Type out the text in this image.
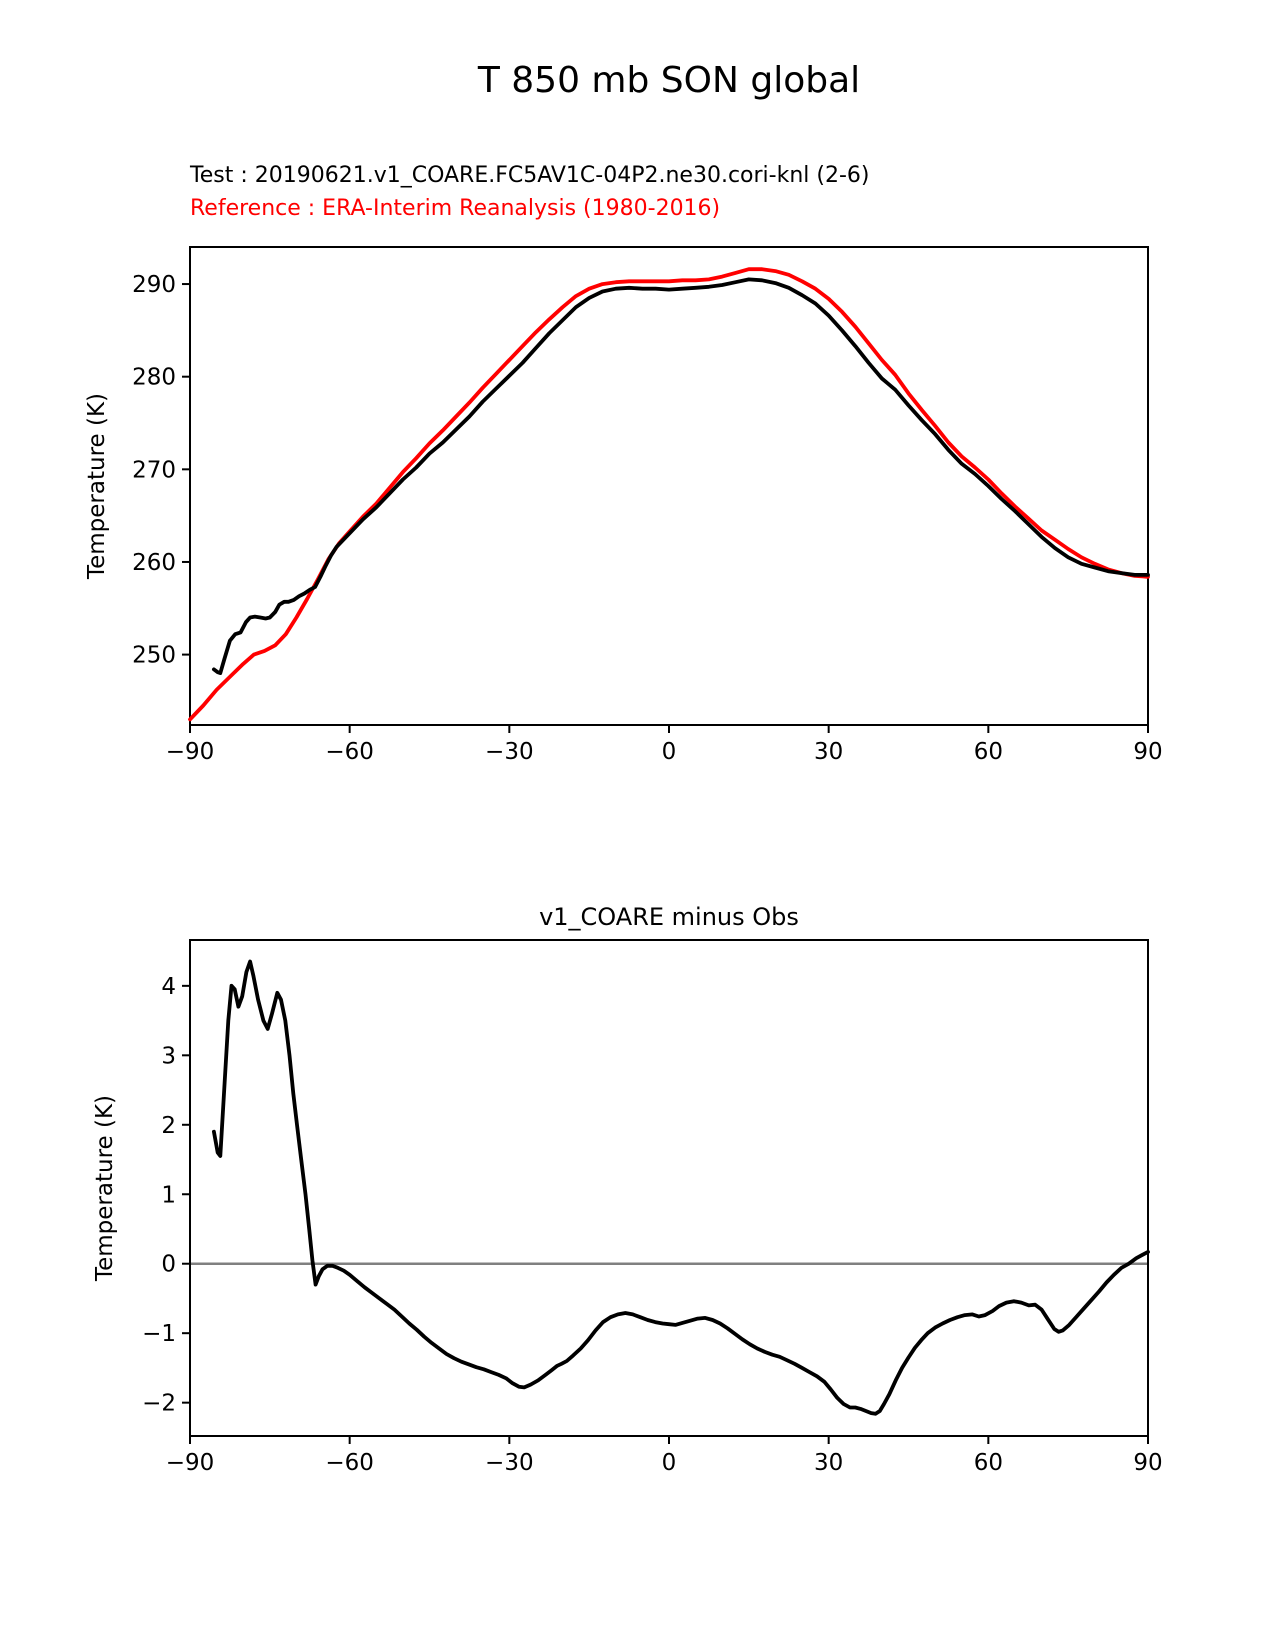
T 850 mb SON global
Test : 20190621.v1_COARE.FC5AV1C-04P2.ne30.cori-knl (2-6)
Reference : ERA-Interim Reanalysis (1980-2016)
Temperature (K)
−90	−60	−30	0	30	60	90
250
260
270
280
290
v1_COARE minus Obs
Temperature (K)
−90	−60	−30	0	30	60	90
−2
−1
0
1
2
3
4
